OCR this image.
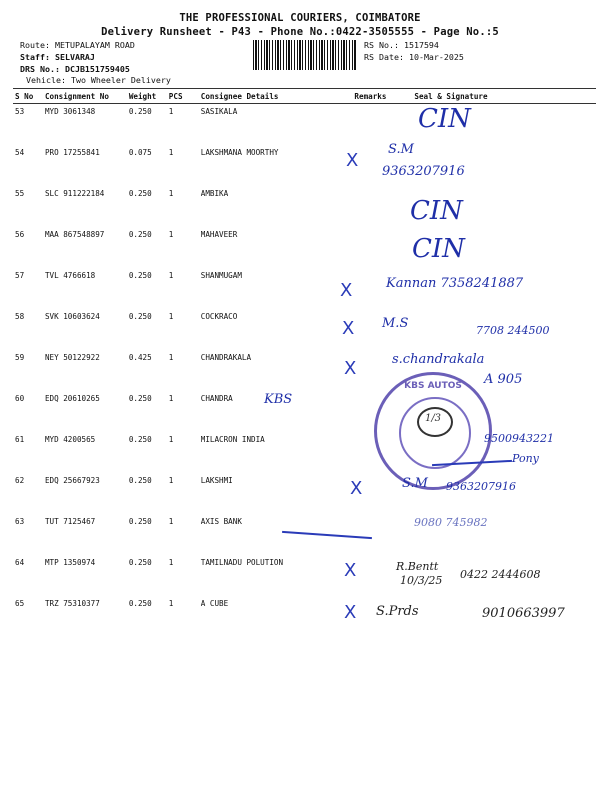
THE PROFESSIONAL COURIERS, COIMBATORE
Delivery Runsheet - P43 - Phone No.:0422-3505555 - Page No.:5
Route: METUPALAYAM ROAD
Staff: SELVARAJ
DRS No.: DCJB151759405
Vehicle: Two Wheeler Delivery
RS No.: 1517594
RS Date: 10-Mar-2025
S No	Consignment No	Weight	PCS	Consignee Details	Remarks	Seal & Signature
53	MYD 3061348	0.250	1	SASIKALA		
54	PRO 17255841	0.075	1	LAKSHMANA MOORTHY		
55	SLC 911222184	0.250	1	AMBIKA		
56	MAA 867548897	0.250	1	MAHAVEER		
57	TVL 4766618	0.250	1	SHANMUGAM		
58	SVK 10603624	0.250	1	COCKRACO		
59	NEY 50122922	0.425	1	CHANDRAKALA		
60	EDQ 20610265	0.250	1	CHANDRA		
61	MYD 4200565	0.250	1	MILACRON INDIA		
62	EDQ 25667923	0.250	1	LAKSHMI		
63	TUT 7125467	0.250	1	AXIS BANK		
64	MTP 1350974	0.250	1	TAMILNADU POLUTION		
65	TRZ 75310377	0.250	1	A CUBE		
CIN
X
S.M
9363207916
CIN
CIN
X	Kannan 7358241887
X M.S	7708 244500
X	s.chandrakala
A 905
KBS
KBS AUTOS
1/3
9500943221
Pony
X	S.M 9363207916
9080 745982
X	R.Bentt
10/3/25 0422 2444608
X S.Prds	9010663997
